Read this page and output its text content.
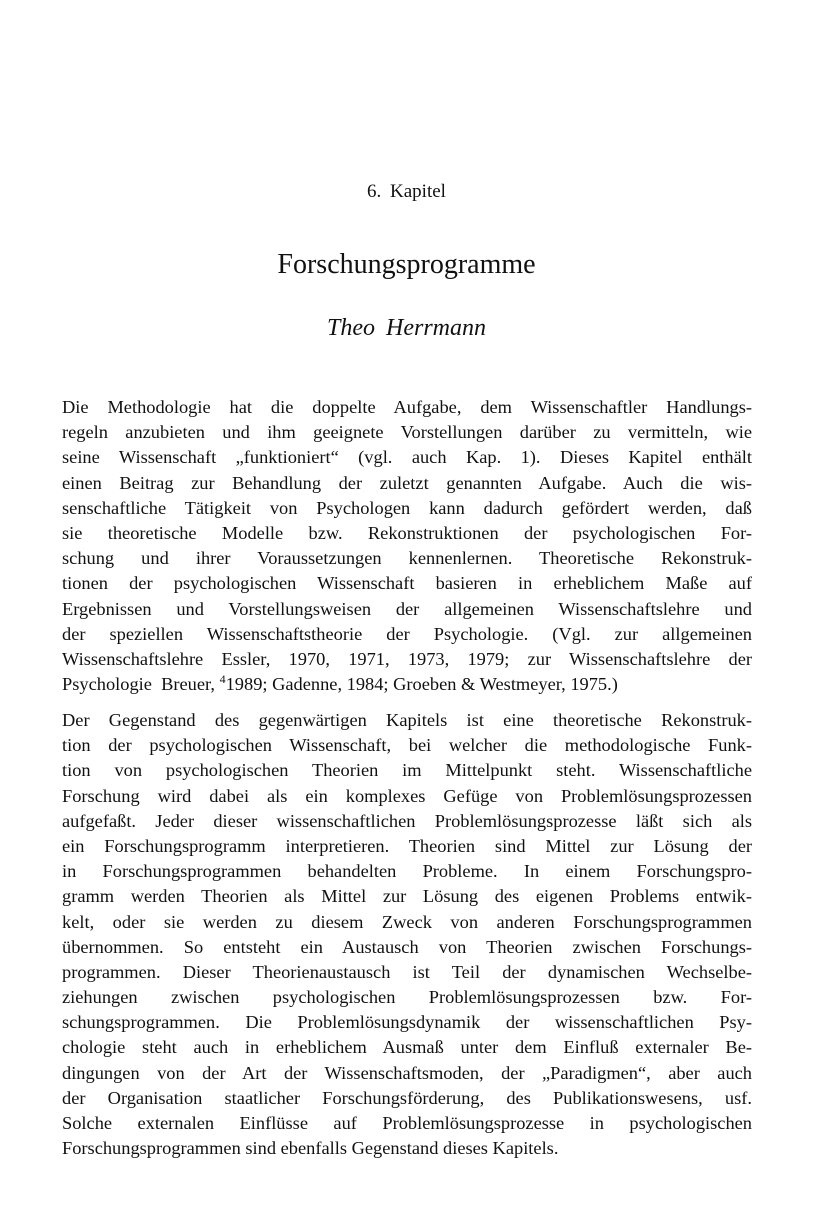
6. Kapitel
Forschungsprogramme
Theo Herrmann
Die Methodologie hat die doppelte Aufgabe, dem Wissenschaftler Handlungs-
regeln anzubieten und ihm geeignete Vorstellungen darüber zu vermitteln, wie
seine Wissenschaft „funktioniert“ (vgl. auch Kap. 1). Dieses Kapitel enthält
einen Beitrag zur Behandlung der zuletzt genannten Aufgabe. Auch die wis-
senschaftliche Tätigkeit von Psychologen kann dadurch gefördert werden, daß
sie theoretische Modelle bzw. Rekonstruktionen der psychologischen For-
schung und ihrer Voraussetzungen kennenlernen. Theoretische Rekonstruk-
tionen der psychologischen Wissenschaft basieren in erheblichem Maße auf
Ergebnissen und Vorstellungsweisen der allgemeinen Wissenschaftslehre und
der speziellen Wissenschaftstheorie der Psychologie. (Vgl. zur allgemeinen
Wissenschaftslehre Essler, 1970, 1971, 1973, 1979; zur Wissenschaftslehre der
Psychologie  Breuer, $^4$1989; Gadenne, 1984; Groeben & Westmeyer, 1975.)
Der Gegenstand des gegenwärtigen Kapitels ist eine theoretische Rekonstruk-
tion der psychologischen Wissenschaft, bei welcher die methodologische Funk-
tion von psychologischen Theorien im Mittelpunkt steht. Wissenschaftliche
Forschung wird dabei als ein komplexes Gefüge von Problemlösungsprozessen
aufgefaßt. Jeder dieser wissenschaftlichen Problemlösungsprozesse läßt sich als
ein Forschungsprogramm interpretieren. Theorien sind Mittel zur Lösung der
in Forschungsprogrammen behandelten Probleme. In einem Forschungspro-
gramm werden Theorien als Mittel zur Lösung des eigenen Problems entwik-
kelt, oder sie werden zu diesem Zweck von anderen Forschungsprogrammen
übernommen. So entsteht ein Austausch von Theorien zwischen Forschungs-
programmen. Dieser Theorienaustausch ist Teil der dynamischen Wechselbe-
ziehungen zwischen psychologischen Problemlösungsprozessen bzw. For-
schungsprogrammen. Die Problemlösungsdynamik der wissenschaftlichen Psy-
chologie steht auch in erheblichem Ausmaß unter dem Einfluß externaler Be-
dingungen von der Art der Wissenschaftsmoden, der „Paradigmen“, aber auch
der Organisation staatlicher Forschungsförderung, des Publikationswesens, usf.
Solche externalen Einflüsse auf Problemlösungsprozesse in psychologischen
Forschungsprogrammen sind ebenfalls Gegenstand dieses Kapitels.
